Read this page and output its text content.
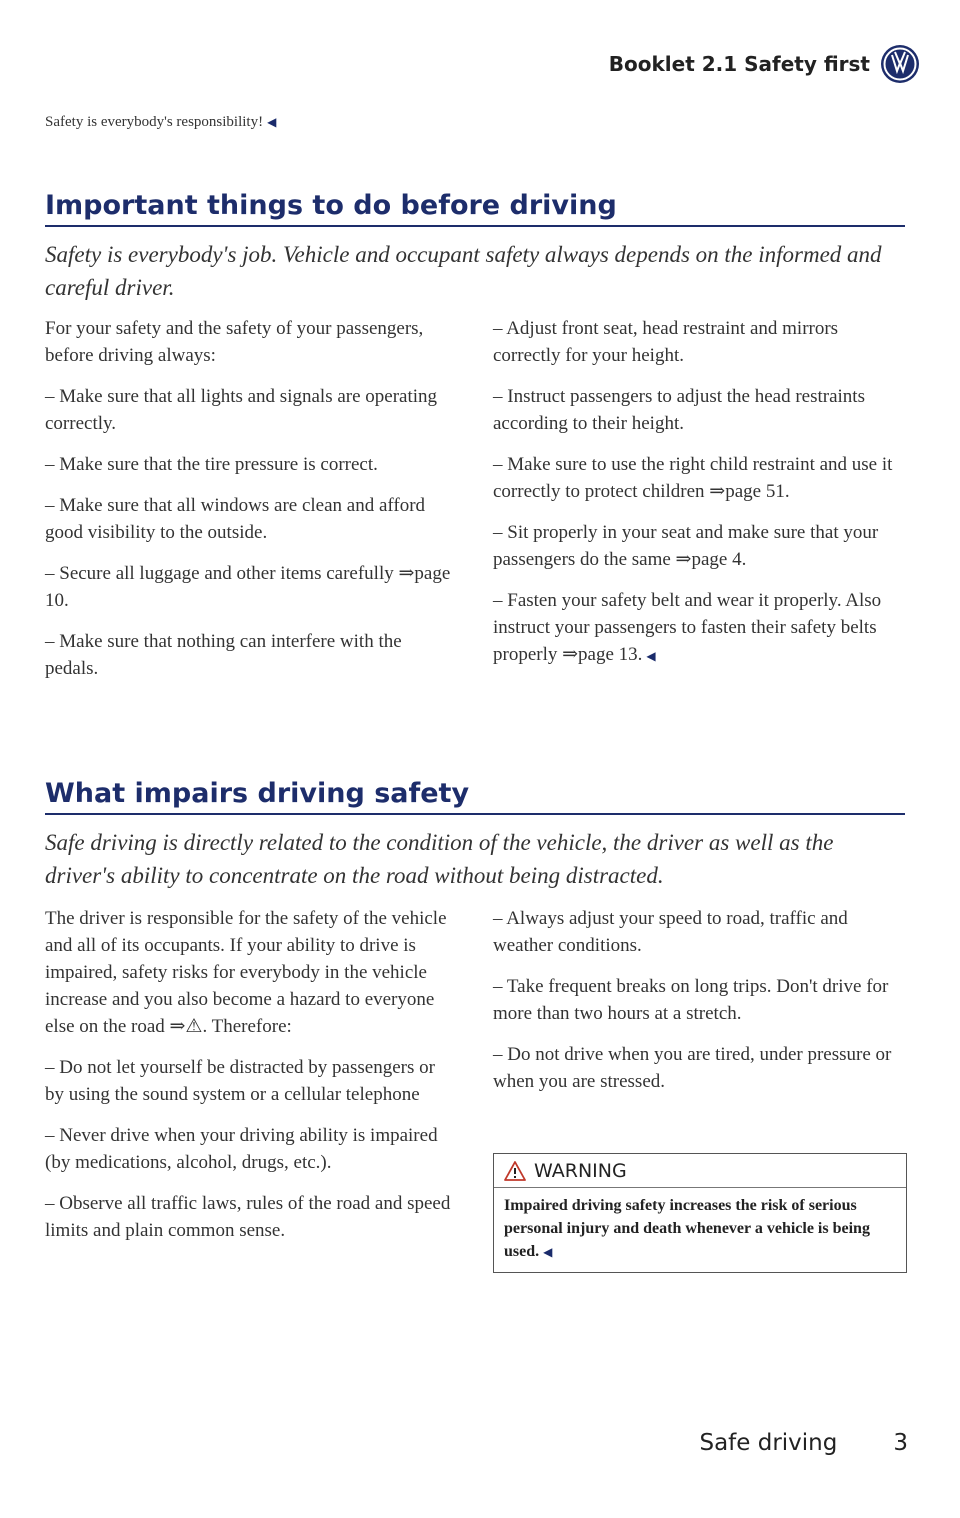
Booklet 2.1 Safety first
Safety is everybody's responsibility! ◀
Important things to do before driving

Safety is everybody's job. Vehicle and occupant safety always depends on the informed and careful driver.

For your safety and the safety of your passengers, before driving always:

– Make sure that all lights and signals are operating correctly.

– Make sure that the tire pressure is correct.

– Make sure that all windows are clean and afford good visibility to the outside.

– Secure all luggage and other items carefully ⇒page 10.

– Make sure that nothing can interfere with the pedals.

– Adjust front seat, head restraint and mirrors correctly for your height.

– Instruct passengers to adjust the head restraints according to their height.

– Make sure to use the right child restraint and use it correctly to protect children ⇒page 51.

– Sit properly in your seat and make sure that your passengers do the same ⇒page 4.

– Fasten your safety belt and wear it properly. Also instruct your passengers to fasten their safety belts properly ⇒page 13. ◀

What impairs driving safety

Safe driving is directly related to the condition of the vehicle, the driver as well as the driver's ability to concentrate on the road without being distracted.

The driver is responsible for the safety of the vehicle and all of its occupants. If your ability to drive is impaired, safety risks for everybody in the vehicle increase and you also become a hazard to everyone else on the road ⇒⚠. Therefore:

– Do not let yourself be distracted by passengers or by using the sound system or a cellular telephone

– Never drive when your driving ability is impaired (by medications, alcohol, drugs, etc.).

– Observe all traffic laws, rules of the road and speed limits and plain common sense.

– Always adjust your speed to road, traffic and weather conditions.

– Take frequent breaks on long trips. Don't drive for more than two hours at a stretch.

– Do not drive when you are tired, under pressure or when you are stressed.

WARNING
Impaired driving safety increases the risk of serious personal injury and death whenever a vehicle is being used. ◀
Safe driving 3
